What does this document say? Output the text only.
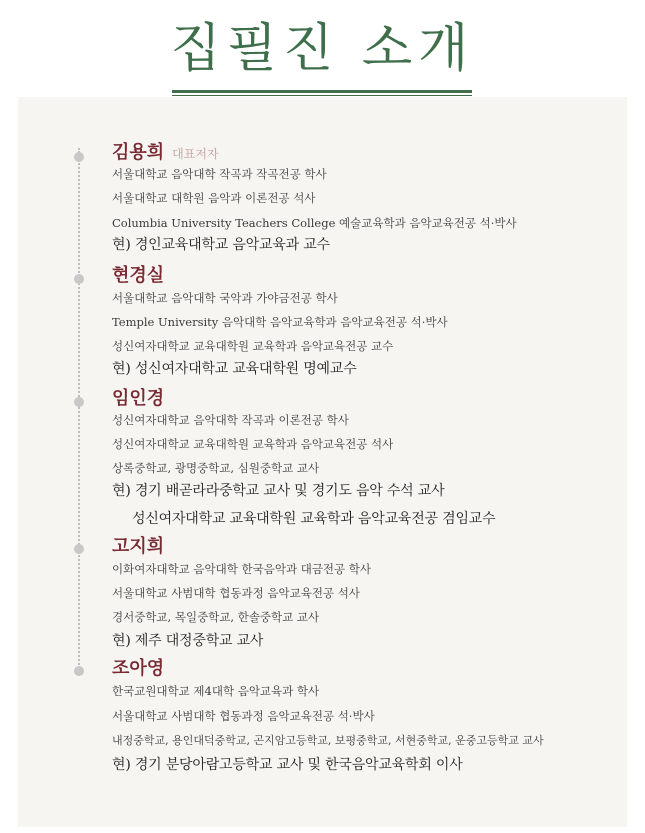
집필진 소개
김용희 대표저자
서울대학교 음악대학 작곡과 작곡전공 학사
서울대학교 대학원 음악과 이론전공 석사
Columbia University Teachers College 예술교육학과 음악교육전공 석·박사
현) 경인교육대학교 음악교육과 교수
현경실
서울대학교 음악대학 국악과 가야금전공 학사
Temple University 음악대학 음악교육학과 음악교육전공 석·박사
성신여자대학교 교육대학원 교육학과 음악교육전공 교수
현) 성신여자대학교 교육대학원 명예교수
임인경
성신여자대학교 음악대학 작곡과 이론전공 학사
성신여자대학교 교육대학원 교육학과 음악교육전공 석사
상록중학교, 광명중학교, 심원중학교 교사
현) 경기 배곧라라중학교 교사 및 경기도 음악 수석 교사
성신여자대학교 교육대학원 교육학과 음악교육전공 겸임교수
고지희
이화여자대학교 음악대학 한국음악과 대금전공 학사
서울대학교 사범대학 협동과정 음악교육전공 석사
경서중학교, 목일중학교, 한솔중학교 교사
현) 제주 대정중학교 교사
조아영
한국교원대학교 제4대학 음악교육과 학사
서울대학교 사범대학 협동과정 음악교육전공 석·박사
내정중학교, 용인대덕중학교, 곤지암고등학교, 보평중학교, 서현중학교, 운중고등학교 교사
현) 경기 분당아람고등학교 교사 및 한국음악교육학회 이사
